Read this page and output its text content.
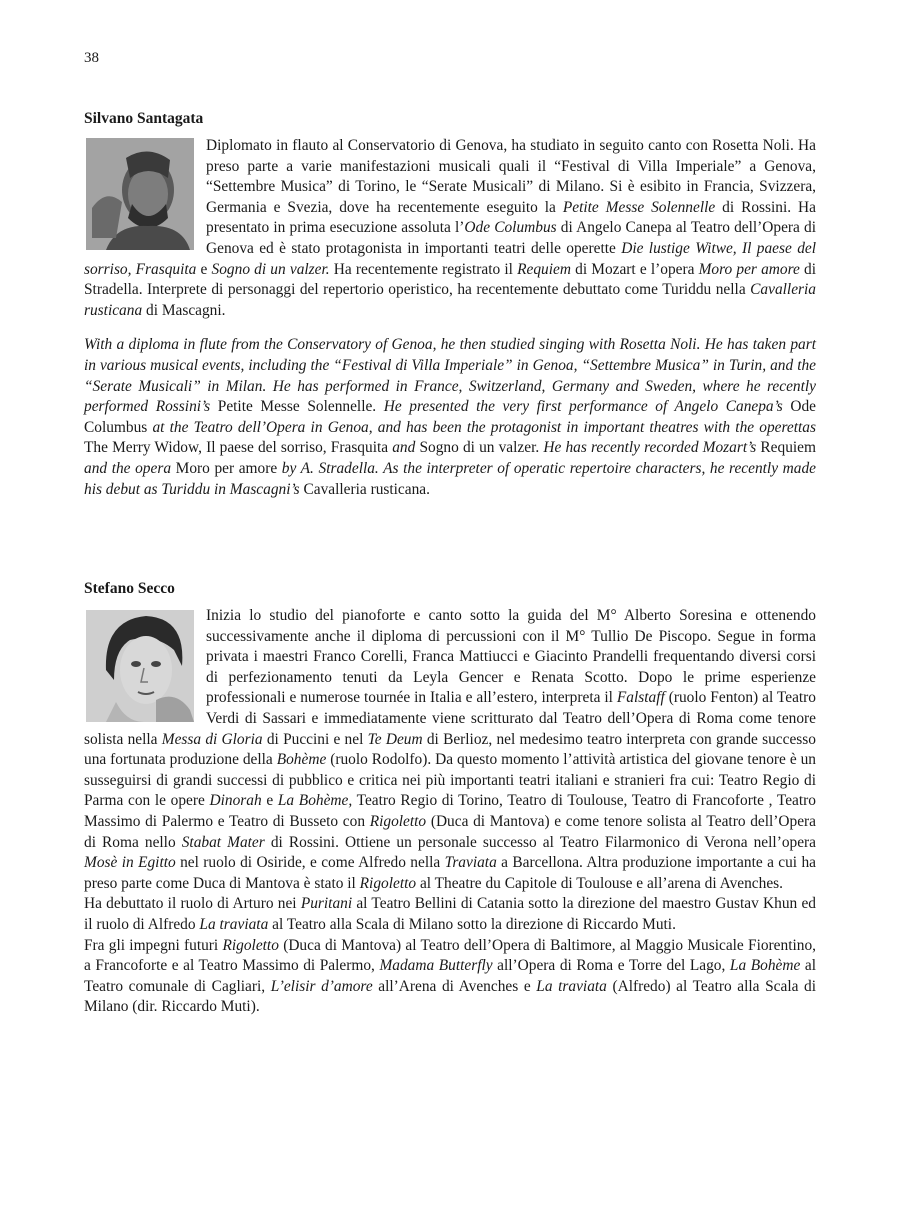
38
Silvano Santagata

Diplomato in flauto al Conservatorio di Genova, ha studiato in seguito canto con Rosetta Noli. Ha preso parte a varie manifestazioni musicali quali il “Festival di Villa Imperiale” a Genova, “Settembre Musica” di Torino, le “Serate Musicali” di Milano. Si è esibito in Francia, Svizzera, Germania e Svezia, dove ha recentemente eseguito la Petite Messe Solennelle di Rossini. Ha presentato in prima esecuzione assoluta l’Ode Columbus di Angelo Canepa al Teatro dell’Opera di Genova ed è stato protagonista in importanti teatri delle operette Die lustige Witwe, Il paese del sorriso, Frasquita e Sogno di un valzer. Ha recentemente registrato il Requiem di Mozart e l’opera Moro per amore di Stradella. Interprete di personaggi del repertorio operistico, ha recentemente debuttato come Turiddu nella Cavalleria rusticana di Mascagni.

With a diploma in flute from the Conservatory of Genoa, he then studied singing with Rosetta Noli. He has taken part in various musical events, including the “Festival di Villa Imperiale” in Genoa, “Settembre Musica” in Turin, and the “Serate Musicali” in Milan. He has performed in France, Switzerland, Germany and Sweden, where he recently performed Rossini’s Petite Messe Solennelle. He presented the very first performance of Angelo Canepa’s Ode Columbus at the Teatro dell’Opera in Genoa, and has been the protagonist in important theatres with the operettas The Merry Widow, Il paese del sorriso, Frasquita and Sogno di un valzer. He has recently recorded Mozart’s Requiem and the opera Moro per amore by A. Stradella. As the interpreter of operatic repertoire characters, he recently made his debut as Turiddu in Mascagni’s Cavalleria rusticana.

Stefano Secco

Inizia lo studio del pianoforte e canto sotto la guida del M° Alberto Soresina e ottenendo successivamente anche il diploma di percussioni con il M° Tullio De Piscopo. Segue in forma privata i maestri Franco Corelli, Franca Mattiucci e Giacinto Prandelli frequentando diversi corsi di perfezionamento tenuti da Leyla Gencer e Renata Scotto. Dopo le prime esperienze professionali e numerose tournée in Italia e all’estero, interpreta il Falstaff (ruolo Fenton) al Teatro Verdi di Sassari e immediatamente viene scritturato dal Teatro dell’Opera di Roma come tenore solista nella Messa di Gloria di Puccini e nel Te Deum di Berlioz, nel medesimo teatro interpreta con grande successo una fortunata produzione della Bohème (ruolo Rodolfo). Da questo momento l’attività artistica del giovane tenore è un susseguirsi di grandi successi di pubblico e critica nei più importanti teatri italiani e stranieri fra cui: Teatro Regio di Parma con le opere Dinorah e La Bohème, Teatro Regio di Torino, Teatro di Toulouse, Teatro di Francoforte , Teatro Massimo di Palermo e Teatro di Busseto con Rigoletto (Duca di Mantova) e come tenore solista al Teatro dell’Opera di Roma nello Stabat Mater di Rossini. Ottiene un personale successo al Teatro Filarmonico di Verona nell’opera Mosè in Egitto nel ruolo di Osiride, e come Alfredo nella Traviata a Barcellona. Altra produzione importante a cui ha preso parte come Duca di Mantova è stato il Rigoletto al Theatre du Capitole di Toulouse e all’arena di Avenches.

Ha debuttato il ruolo di Arturo nei Puritani al Teatro Bellini di Catania sotto la direzione del maestro Gustav Khun ed il ruolo di Alfredo La traviata al Teatro alla Scala di Milano sotto la direzione di Riccardo Muti.

Fra gli impegni futuri Rigoletto (Duca di Mantova) al Teatro dell’Opera di Baltimore, al Maggio Musicale Fiorentino, a Francoforte e al Teatro Massimo di Palermo, Madama Butterfly all’Opera di Roma e Torre del Lago, La Bohème al Teatro comunale di Cagliari, L’elisir d’amore all’Arena di Avenches e La traviata (Alfredo) al Teatro alla Scala di Milano (dir. Riccardo Muti).
